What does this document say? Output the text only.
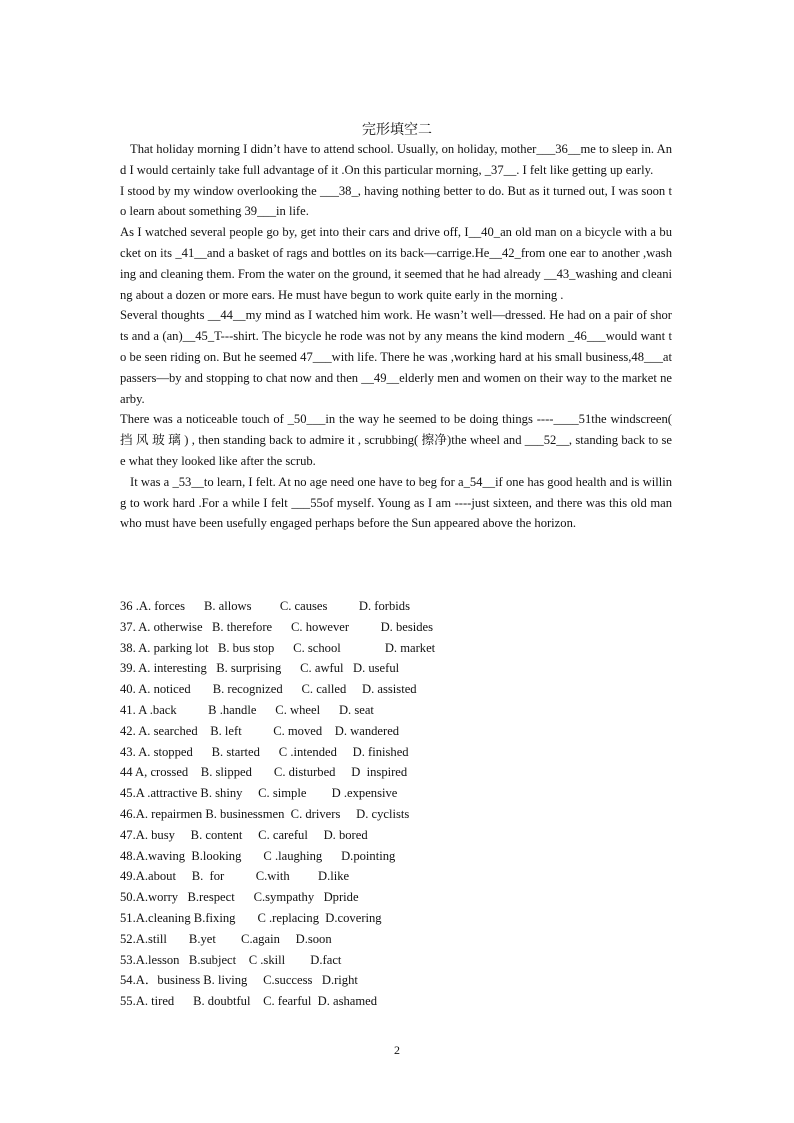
完形填空二

That holiday morning I didn’t have to attend school. Usually, on holiday, mother___36__me to sleep in. And I would certainly take full advantage of it .On this particular morning, _37__. I felt like getting up early.

I stood by my window overlooking the ___38_, having nothing better to do. But as it turned out, I was soon to learn about something 39___in life.

As I watched several people go by, get into their cars and drive off, I__40_an old man on a bicycle with a bucket on its _41__and a basket of rags and bottles on its back—carrige.He__42_from one ear to another ,washing and cleaning them. From the water on the ground, it seemed that he had already __43_washing and cleaning about a dozen or more ears. He must have begun to work quite early in the morning .

Several thoughts __44__my mind as I watched him work. He wasn’t well—dressed. He had on a pair of shorts and a (an)__45_T---shirt. The bicycle he rode was not by any means the kind modern _46___would want to be seen riding on. But he seemed 47___with life. There he was ,working hard at his small business,48___at passers—by and stopping to chat now and then __49__elderly men and women on their way to the market nearby.

There was a noticeable touch of _50___in the way he seemed to be doing things ----____51the windscreen( 挡 风 玻 璃 ) , then standing back to admire it , scrubbing( 擦净)the wheel and ___52__, standing back to see what they looked like after the scrub.

It was a _53__to learn, I felt. At no age need one have to beg for a_54__if one has good health and is willing to work hard .For a while I felt ___55of myself. Young as I am ----just sixteen, and there was this old man who must have been usefully engaged perhaps before the Sun appeared above the horizon.

36 .A. forces      B. allows         C. causes          D. forbids
37. A. otherwise   B. therefore      C. however          D. besides
38. A. parking lot   B. bus stop      C. school              D. market
39. A. interesting   B. surprising      C. awful   D. useful
40. A. noticed       B. recognized      C. called     D. assisted
41. A .back          B .handle      C. wheel      D. seat
42. A. searched    B. left          C. moved    D. wandered
43. A. stopped      B. started      C .intended     D. finished
44 A, crossed    B. slipped       C. disturbed     D  inspired
45.A .attractive B. shiny     C. simple        D .expensive
46.A. repairmen B. businessmen  C. drivers     D. cyclists
47.A. busy     B. content     C. careful     D. bored
48.A.waving  B.looking       C .laughing      D.pointing
49.A.about     B.  for          C.with         D.like
50.A.worry   B.respect      C.sympathy   Dpride
51.A.cleaning B.fixing       C .replacing  D.covering
52.A.still       B.yet        C.again     D.soon
53.A.lesson   B.subject    C .skill        D.fact
54.A．business B. living     C.success   D.right
55.A. tired      B. doubtful    C. fearful  D. ashamed
2
